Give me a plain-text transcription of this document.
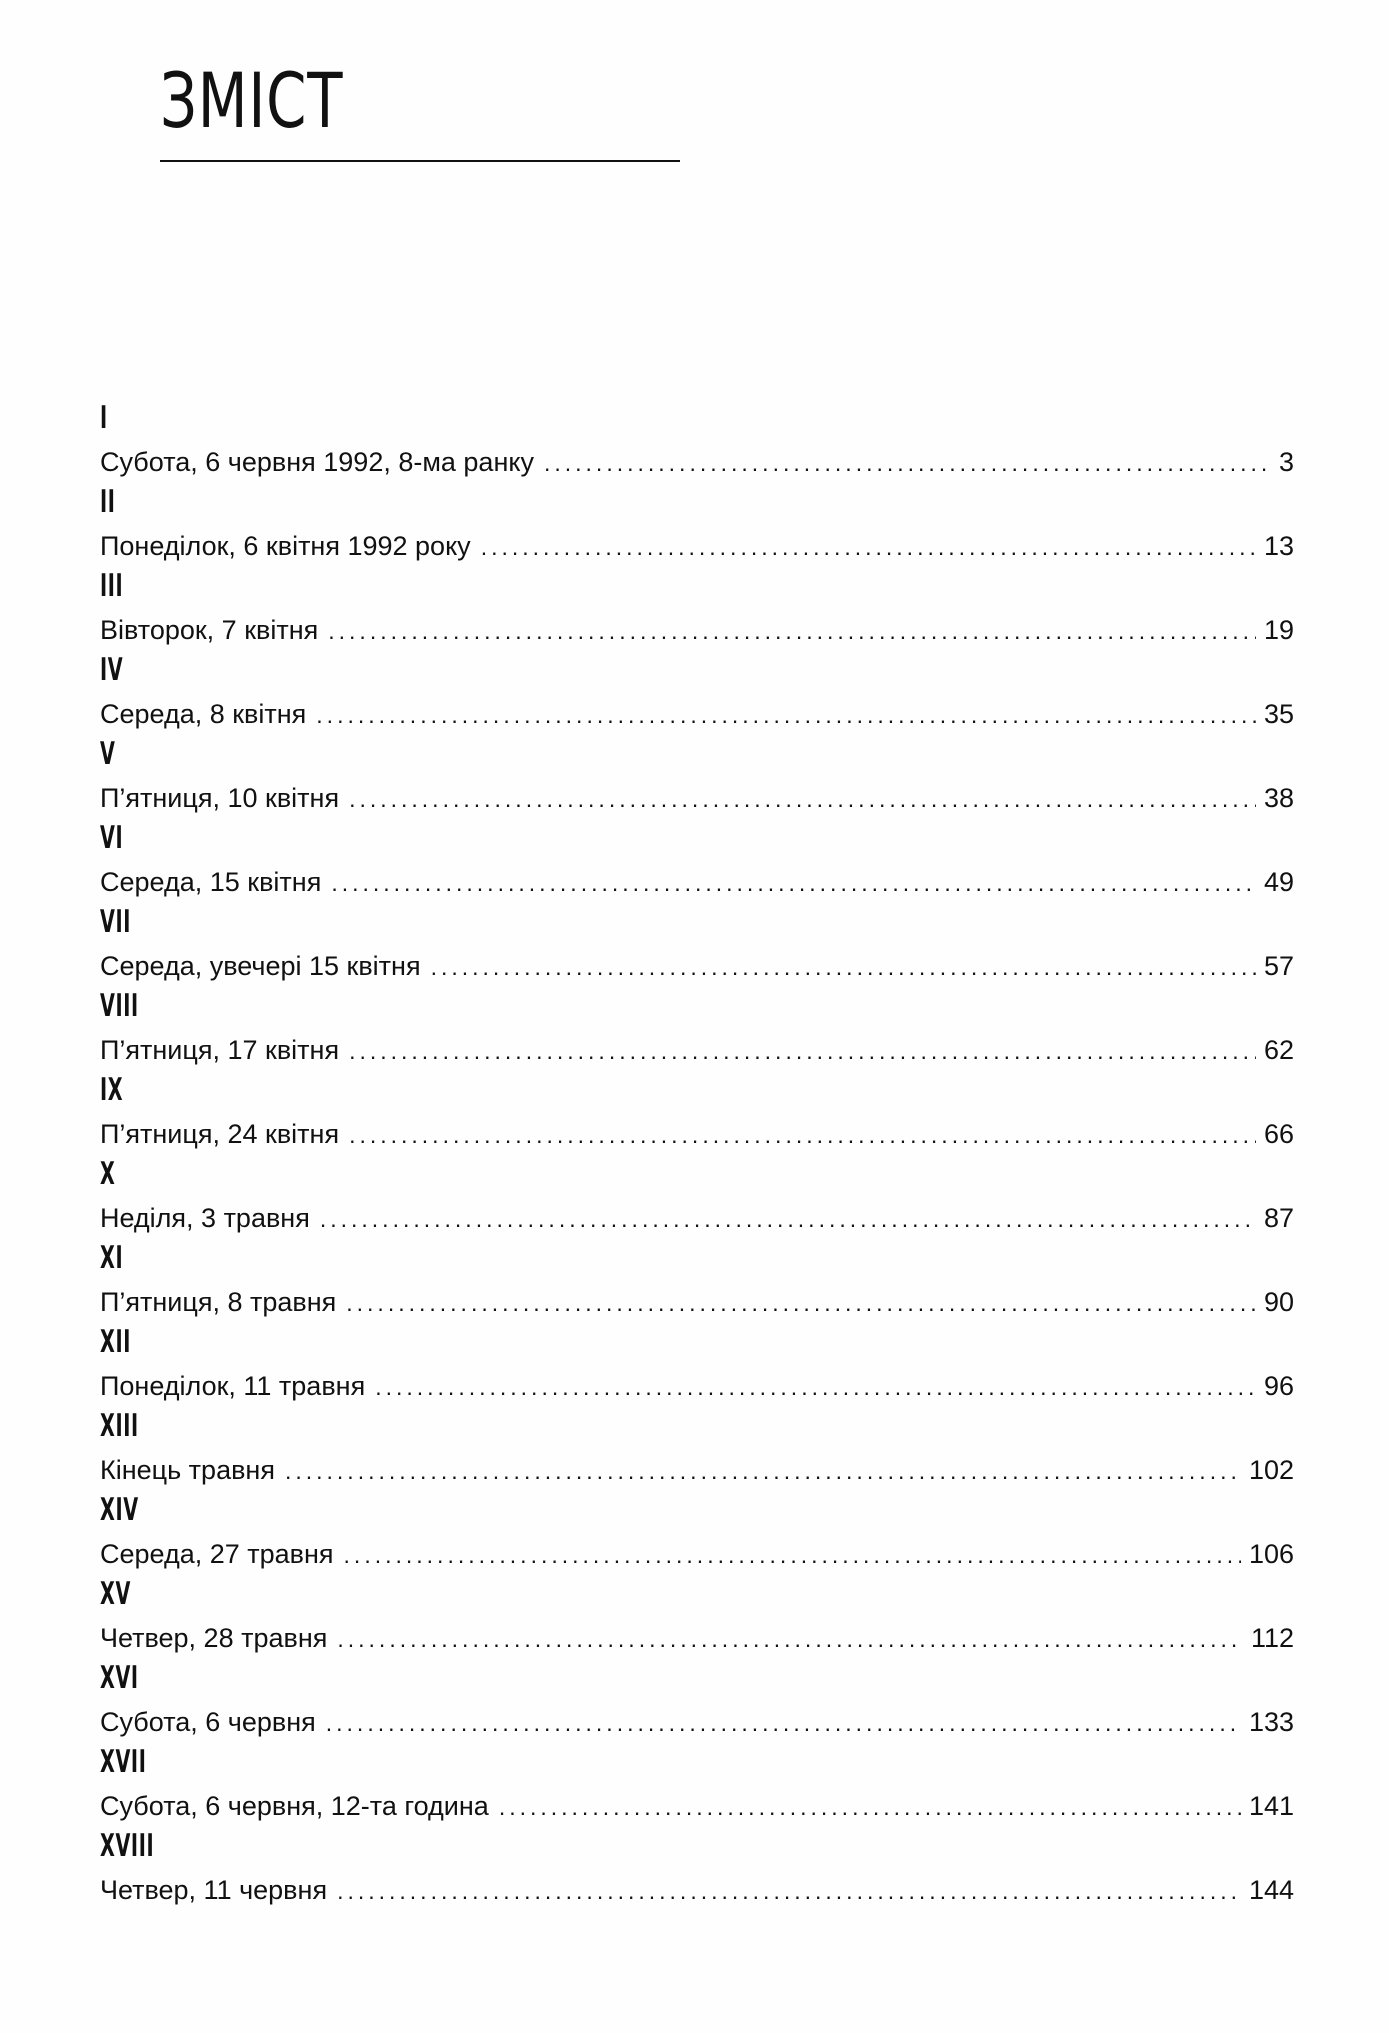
ЗМІСТ
I
Субота, 6 червня 1992, 8-ма ранку .....	3
II
Понеділок, 6 квітня 1992 року .....	13
III
Вівторок, 7 квітня .....	19
IV
Середа, 8 квітня .....	35
V
П’ятниця, 10 квітня .....	38
VI
Середа, 15 квітня .....	49
VII
Середа, увечері 15 квітня .....	57
VIII
П’ятниця, 17 квітня .....	62
IX
П’ятниця, 24 квітня .....	66
X
Неділя, 3 травня .....	87
XI
П’ятниця, 8 травня .....	90
XII
Понеділок, 11 травня .....	96
XIII
Кінець травня .....	102
XIV
Середа, 27 травня .....	106
XV
Четвер, 28 травня .....	112
XVI
Субота, 6 червня .....	133
XVII
Субота, 6 червня, 12-та година .....	141
XVIII
Четвер, 11 червня .....	144
